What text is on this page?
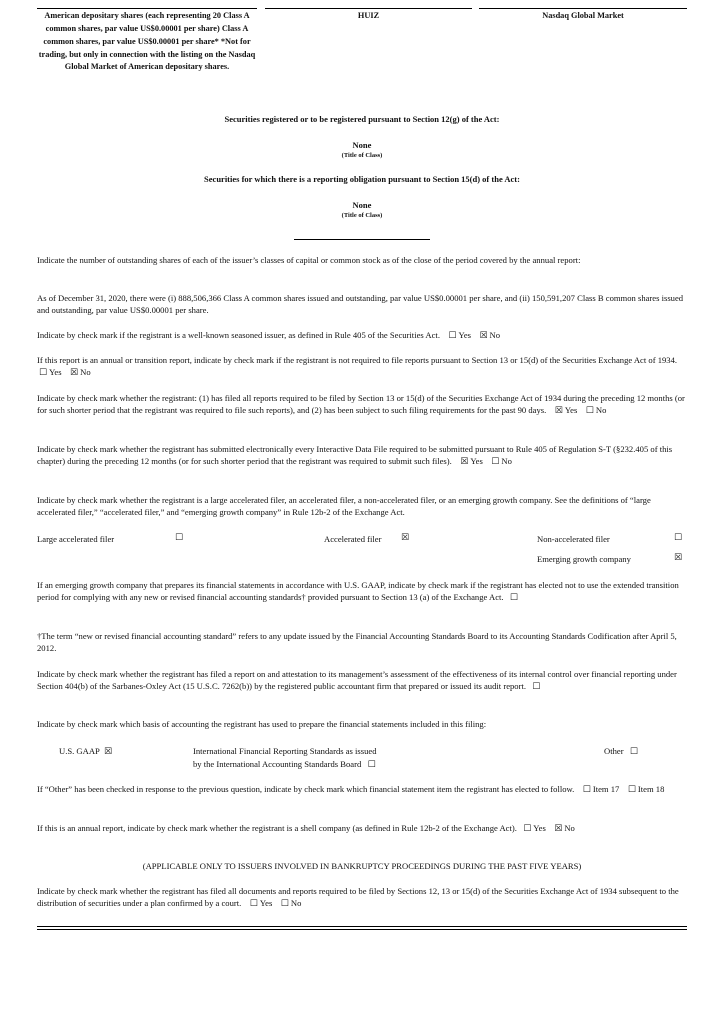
American depositary shares (each representing 20 Class A common shares, par value US$0.00001 per share) Class A common shares, par value US$0.00001 per share* *Not for trading, but only in connection with the listing on the Nasdaq Global Market of American depositary shares.
HUIZ	Nasdaq Global Market
Securities registered or to be registered pursuant to Section 12(g) of the Act:
None
(Title of Class)
Securities for which there is a reporting obligation pursuant to Section 15(d) of the Act:
None
(Title of Class)
Indicate the number of outstanding shares of each of the issuer’s classes of capital or common stock as of the close of the period covered by the annual report:
As of December 31, 2020, there were (i) 888,506,366 Class A common shares issued and outstanding, par value US$0.00001 per share, and (ii) 150,591,207 Class B common shares issued and outstanding, par value US$0.00001 per share.
Indicate by check mark if the registrant is a well-known seasoned issuer, as defined in Rule 405 of the Securities Act. ☐ Yes ☒ No
If this report is an annual or transition report, indicate by check mark if the registrant is not required to file reports pursuant to Section 13 or 15(d) of the Securities Exchange Act of 1934.   ☐ Yes ☒ No
Indicate by check mark whether the registrant: (1) has filed all reports required to be filed by Section 13 or 15(d) of the Securities Exchange Act of 1934 during the preceding 12 months (or for such shorter period that the registrant was required to file such reports), and (2) has been subject to such filing requirements for the past 90 days. ☒ Yes ☐ No
Indicate by check mark whether the registrant has submitted electronically every Interactive Data File required to be submitted pursuant to Rule 405 of Regulation S-T (§232.405 of this chapter) during the preceding 12 months (or for such shorter period that the registrant was required to submit such files). ☒ Yes ☐ No
Indicate by check mark whether the registrant is a large accelerated filer, an accelerated filer, a non-accelerated filer, or an emerging growth company. See the definitions of “large accelerated filer,” “accelerated filer,” and “emerging growth company” in Rule 12b-2 of the Exchange Act.
Large accelerated filer	☐	Accelerated filer ☒	Non-accelerated filer	☐
Emerging growth company	☒
If an emerging growth company that prepares its financial statements in accordance with U.S. GAAP, indicate by check mark if the registrant has elected not to use the extended transition period for complying with any new or revised financial accounting standards† provided pursuant to Section 13 (a) of the Exchange Act. ☐
†The term “new or revised financial accounting standard” refers to any update issued by the Financial Accounting Standards Board to its Accounting Standards Codification after April 5, 2012.
Indicate by check mark whether the registrant has filed a report on and attestation to its management’s assessment of the effectiveness of its internal control over financial reporting under Section 404(b) of the Sarbanes-Oxley Act (15 U.S.C. 7262(b)) by the registered public accountant firm that prepared or issued its audit report. ☐
Indicate by check mark which basis of accounting the registrant has used to prepare the financial statements included in this filing:
U.S. GAAP ☒	International Financial Reporting Standards as issued
by the International Accounting Standards Board ☐
Other ☐
If “Other” has been checked in response to the previous question, indicate by check mark which financial statement item the registrant has elected to follow. ☐ Item 17 ☐ Item 18
If this is an annual report, indicate by check mark whether the registrant is a shell company (as defined in Rule 12b-2 of the Exchange Act). ☐ Yes ☒ No
(APPLICABLE ONLY TO ISSUERS INVOLVED IN BANKRUPTCY PROCEEDINGS DURING THE PAST FIVE YEARS)
Indicate by check mark whether the registrant has filed all documents and reports required to be filed by Sections 12, 13 or 15(d) of the Securities Exchange Act of 1934 subsequent to the distribution of securities under a plan confirmed by a court. ☐ Yes ☐ No
